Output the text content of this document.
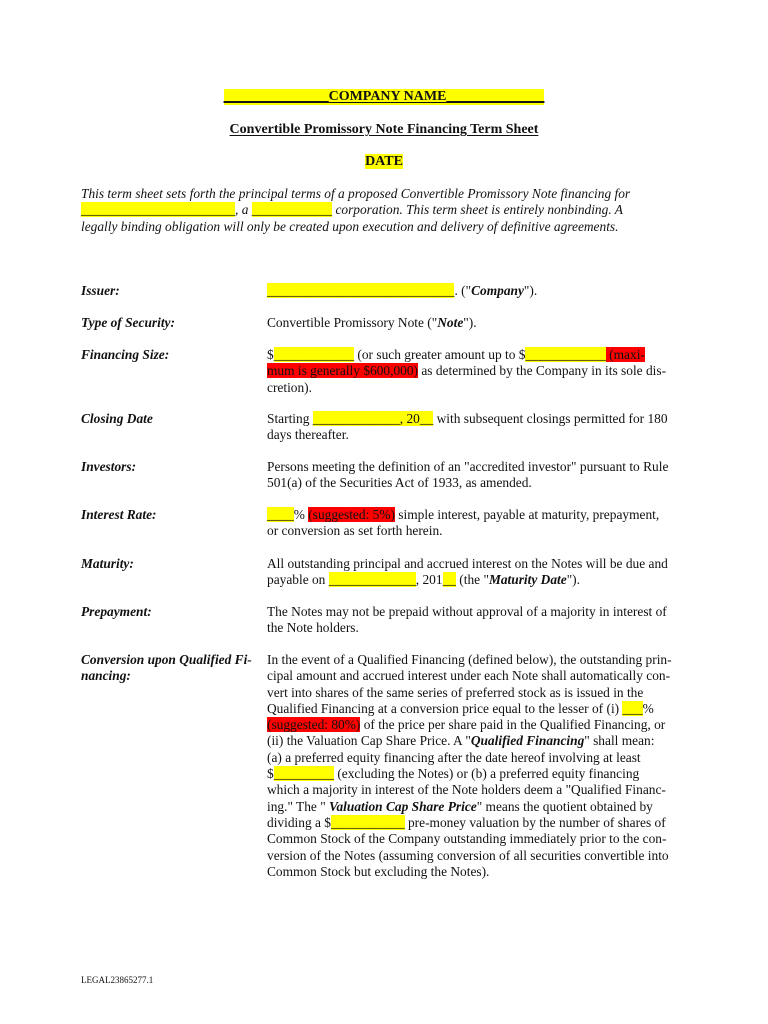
_______________COMPANY NAME______________
Convertible Promissory Note Financing Term Sheet
DATE
This term sheet sets forth the principal terms of a proposed Convertible Promissory Note financing for
_______________________, a ____________ corporation. This term sheet is entirely nonbinding. A
legally binding obligation will only be created upon execution and delivery of definitive agreements.
Issuer:	____________________________. ("Company").
Type of Security:	Convertible Promissory Note ("Note").
Financing Size:	$____________ (or such greater amount up to $____________ (maxi-
mum is generally $600,000) as determined by the Company in its sole dis-
cretion).
Closing Date	Starting _____________, 20__ with subsequent closings permitted for 180
days thereafter.
Investors:	Persons meeting the definition of an "accredited investor" pursuant to Rule
501(a) of the Securities Act of 1933, as amended.
Interest Rate:	____% (suggested: 5%) simple interest, payable at maturity, prepayment,
or conversion as set forth herein.
Maturity:	All outstanding principal and accrued interest on the Notes will be due and
payable on _____________, 201__ (the "Maturity Date").
Prepayment:	The Notes may not be prepaid without approval of a majority in interest of
the Note holders.
Conversion upon Qualified Fi-
nancing:
In the event of a Qualified Financing (defined below), the outstanding prin-
cipal amount and accrued interest under each Note shall automatically con-
vert into shares of the same series of preferred stock as is issued in the
Qualified Financing at a conversion price equal to the lesser of (i) ___%
(suggested: 80%) of the price per share paid in the Qualified Financing, or
(ii) the Valuation Cap Share Price. A "Qualified Financing" shall mean:
(a) a preferred equity financing after the date hereof involving at least
$_________ (excluding the Notes) or (b) a preferred equity financing
which a majority in interest of the Note holders deem a "Qualified Financ-
ing." The " Valuation Cap Share Price" means the quotient obtained by
dividing a $___________ pre-money valuation by the number of shares of
Common Stock of the Company outstanding immediately prior to the con-
version of the Notes (assuming conversion of all securities convertible into
Common Stock but excluding the Notes).
LEGAL23865277.1
